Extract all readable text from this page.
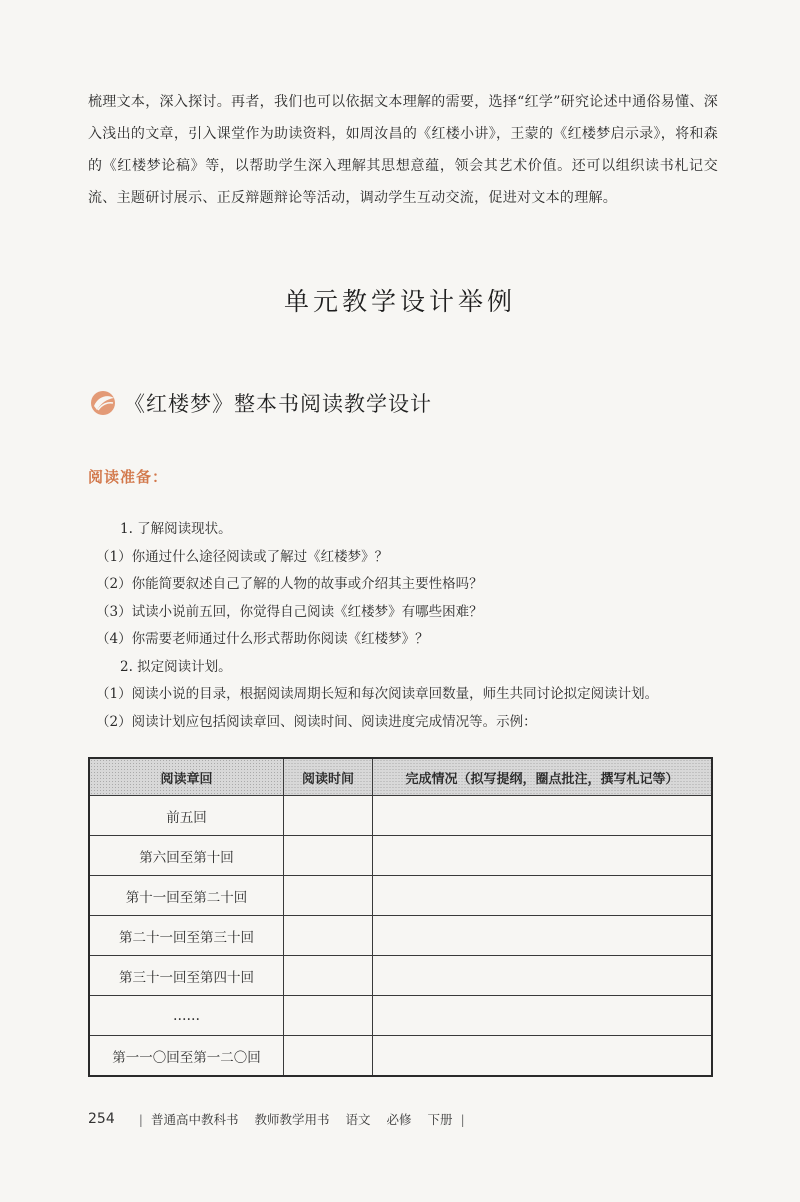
梳理文本，深入探讨。再者，我们也可以依据文本理解的需要，选择“红学”研究论述中通俗易懂、深入浅出的文章，引入课堂作为助读资料，如周汝昌的《红楼小讲》，王蒙的《红楼梦启示录》，将和森的《红楼梦论稿》等，以帮助学生深入理解其思想意蕴，领会其艺术价值。还可以组织读书札记交流、主题研讨展示、正反辩题辩论等活动，调动学生互动交流，促进对文本的理解。

单元教学设计举例
《红楼梦》整本书阅读教学设计
阅读准备：
1. 了解阅读现状。
（1）你通过什么途径阅读或了解过《红楼梦》？
（2）你能简要叙述自己了解的人物的故事或介绍其主要性格吗？
（3）试读小说前五回，你觉得自己阅读《红楼梦》有哪些困难？
（4）你需要老师通过什么形式帮助你阅读《红楼梦》？
2. 拟定阅读计划。
（1）阅读小说的目录，根据阅读周期长短和每次阅读章回数量，师生共同讨论拟定阅读计划。
（2）阅读计划应包括阅读章回、阅读时间、阅读进度完成情况等。示例：
阅读章回	阅读时间	完成情况（拟写提纲，圈点批注，撰写札记等）
前五回		
第六回至第十回		
第十一回至第二十回		
第二十一回至第三十回		
第三十一回至第四十回		
……		
第一一〇回至第一二〇回		
254 | 普通高中教科书 教师教学用书 语文 必修 下册 |
